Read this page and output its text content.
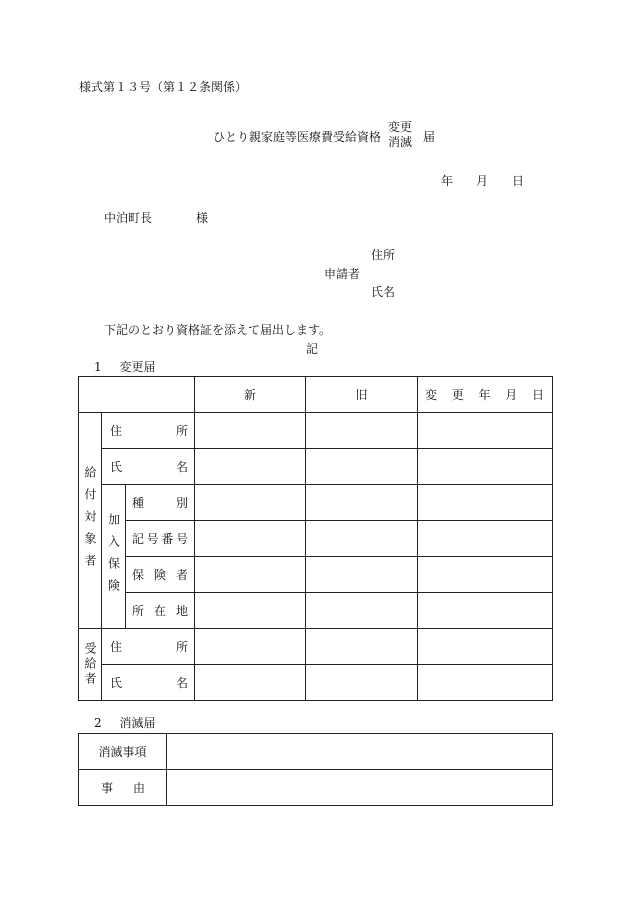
様式第１３号（第１２条関係）
ひとり親家庭等医療費受給資格
変更
消滅 届
年 月 日
中泊町長	様
住所
申請者
氏名
下記のとおり資格証を添えて届出します。
記
1 変更届
			新	旧	変 更 年 月 日

給付対象者	住 所				

	氏 名				

	加入保険	種 別			

		記 号 番 号			

		保 険 者			

		所 在 地			

受給者	住 所				

	氏 名				

2 消滅届
消滅事項	

事 由	
